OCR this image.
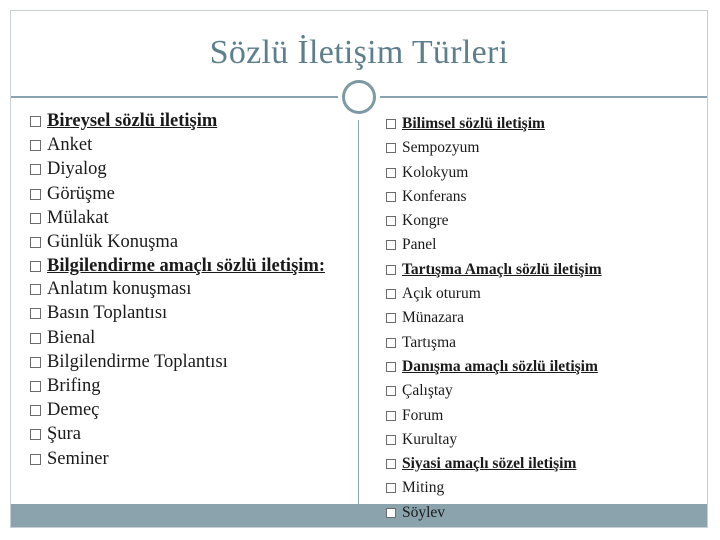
Sözlü İletişim Türleri
Bireysel sözlü iletişim
Anket
Diyalog
Görüşme
Mülakat
Günlük Konuşma
Bilgilendirme amaçlı sözlü iletişim:
Anlatım konuşması
Basın Toplantısı
Bienal
Bilgilendirme Toplantısı
Brifing
Demeç
Şura
Seminer
Bilimsel sözlü iletişim
Sempozyum
Kolokyum
Konferans
Kongre
Panel
Tartışma Amaçlı sözlü iletişim
Açık oturum
Münazara
Tartışma
Danışma amaçlı sözlü iletişim
Çalıştay
Forum
Kurultay
Siyasi amaçlı sözel iletişim
Miting
Söylev
